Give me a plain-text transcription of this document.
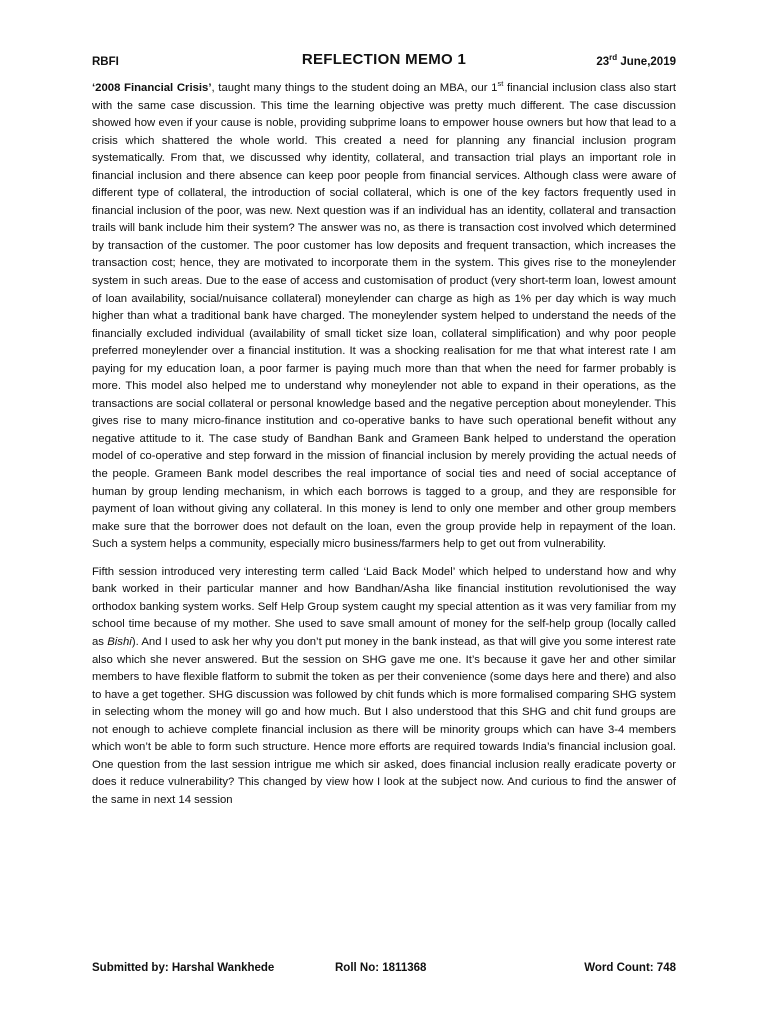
RBFI	REFLECTION MEMO 1	23rd June,2019

‘2008 Financial Crisis’, taught many things to the student doing an MBA, our 1st financial inclusion class also start with the same case discussion. This time the learning objective was pretty much different. The case discussion showed how even if your cause is noble, providing subprime loans to empower house owners but how that lead to a crisis which shattered the whole world. This created a need for planning any financial inclusion program systematically. From that, we discussed why identity, collateral, and transaction trial plays an important role in financial inclusion and there absence can keep poor people from financial services. Although class were aware of different type of collateral, the introduction of social collateral, which is one of the key factors frequently used in financial inclusion of the poor, was new. Next question was if an individual has an identity, collateral and transaction trails will bank include him their system? The answer was no, as there is transaction cost involved which determined by transaction of the customer. The poor customer has low deposits and frequent transaction, which increases the transaction cost; hence, they are motivated to incorporate them in the system. This gives rise to the moneylender system in such areas. Due to the ease of access and customisation of product (very short-term loan, lowest amount of loan availability, social/nuisance collateral) moneylender can charge as high as 1% per day which is way much higher than what a traditional bank have charged. The moneylender system helped to understand the needs of the financially excluded individual (availability of small ticket size loan, collateral simplification) and why poor people preferred moneylender over a financial institution. It was a shocking realisation for me that what interest rate I am paying for my education loan, a poor farmer is paying much more than that when the need for farmer probably is more. This model also helped me to understand why moneylender not able to expand in their operations, as the transactions are social collateral or personal knowledge based and the negative perception about moneylender. This gives rise to many micro-finance institution and co-operative banks to have such operational benefit without any negative attitude to it. The case study of Bandhan Bank and Grameen Bank helped to understand the operation model of co-operative and step forward in the mission of financial inclusion by merely providing the actual needs of the people. Grameen Bank model describes the real importance of social ties and need of social acceptance of human by group lending mechanism, in which each borrows is tagged to a group, and they are responsible for payment of loan without giving any collateral. In this money is lend to only one member and other group members make sure that the borrower does not default on the loan, even the group provide help in repayment of the loan. Such a system helps a community, especially micro business/farmers help to get out from vulnerability.

Fifth session introduced very interesting term called ‘Laid Back Model’ which helped to understand how and why bank worked in their particular manner and how Bandhan/Asha like financial institution revolutionised the way orthodox banking system works. Self Help Group system caught my special attention as it was very familiar from my school time because of my mother. She used to save small amount of money for the self-help group (locally called as Bishi). And I used to ask her why you don’t put money in the bank instead, as that will give you some interest rate also which she never answered. But the session on SHG gave me one. It’s because it gave her and other similar members to have flexible flatform to submit the token as per their convenience (some days here and there) and also to have a get together. SHG discussion was followed by chit funds which is more formalised comparing SHG system in selecting whom the money will go and how much. But I also understood that this SHG and chit fund groups are not enough to achieve complete financial inclusion as there will be minority groups which can have 3-4 members which won’t be able to form such structure. Hence more efforts are required towards India’s financial inclusion goal. One question from the last session intrigue me which sir asked, does financial inclusion really eradicate poverty or does it reduce vulnerability? This changed by view how I look at the subject now. And curious to find the answer of the same in next 14 session

Submitted by: Harshal Wankhede	Roll No: 1811368	Word Count: 748
